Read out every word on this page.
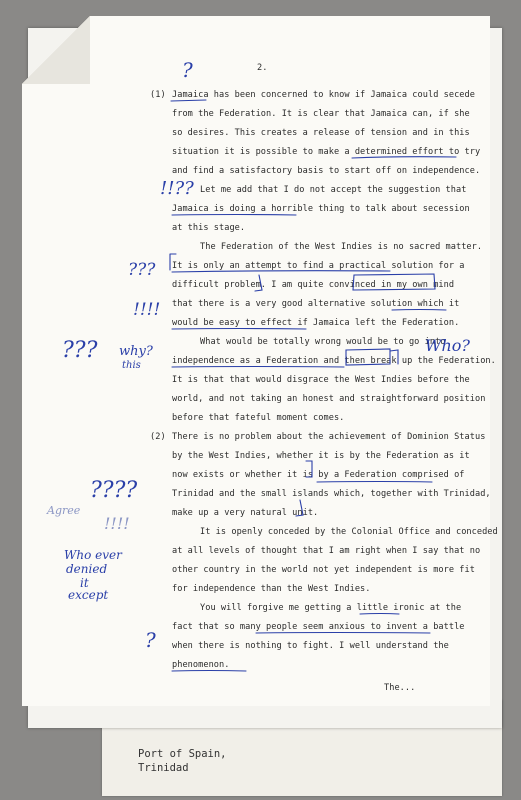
Port of Spain,
Trinidad
2.
(1) Jamaica has been concerned to know if Jamaica could secede
from the Federation. It is clear that Jamaica can, if she
so desires. This creates a release of tension and in this
situation it is possible to make a determined effort to try
and find a satisfactory basis to start off on independence.
Let me add that I do not accept the suggestion that
Jamaica is doing a horrible thing to talk about secession
at this stage.
The Federation of the West Indies is no sacred matter.
It is only an attempt to find a practical solution for a
difficult problem. I am quite convinced in my own mind
that there is a very good alternative solution which it
would be easy to effect if Jamaica left the Federation.
What would be totally wrong would be to go into
independence as a Federation and then break up the Federation.
It is that that would disgrace the West Indies before the
world, and not taking an honest and straightforward position
before that fateful moment comes.
(2) There is no problem about the achievement of Dominion Status
by the West Indies, whether it is by the Federation as it
now exists or whether it is by a Federation comprised of
Trinidad and the small islands which, together with Trinidad,
make up a very natural unit.
It is openly conceded by the Colonial Office and conceded
at all levels of thought that I am right when I say that no
other country in the world not yet independent is more fit
for independence than the West Indies.
You will forgive me getting a little ironic at the
fact that so many people seem anxious to invent a battle
when there is nothing to fight. I well understand the
phenomenon.
The...
?
!!??
???
!!!!
??? why?
this
Who?
????
Agree
!!!!
Who ever
denied
it
except
?
